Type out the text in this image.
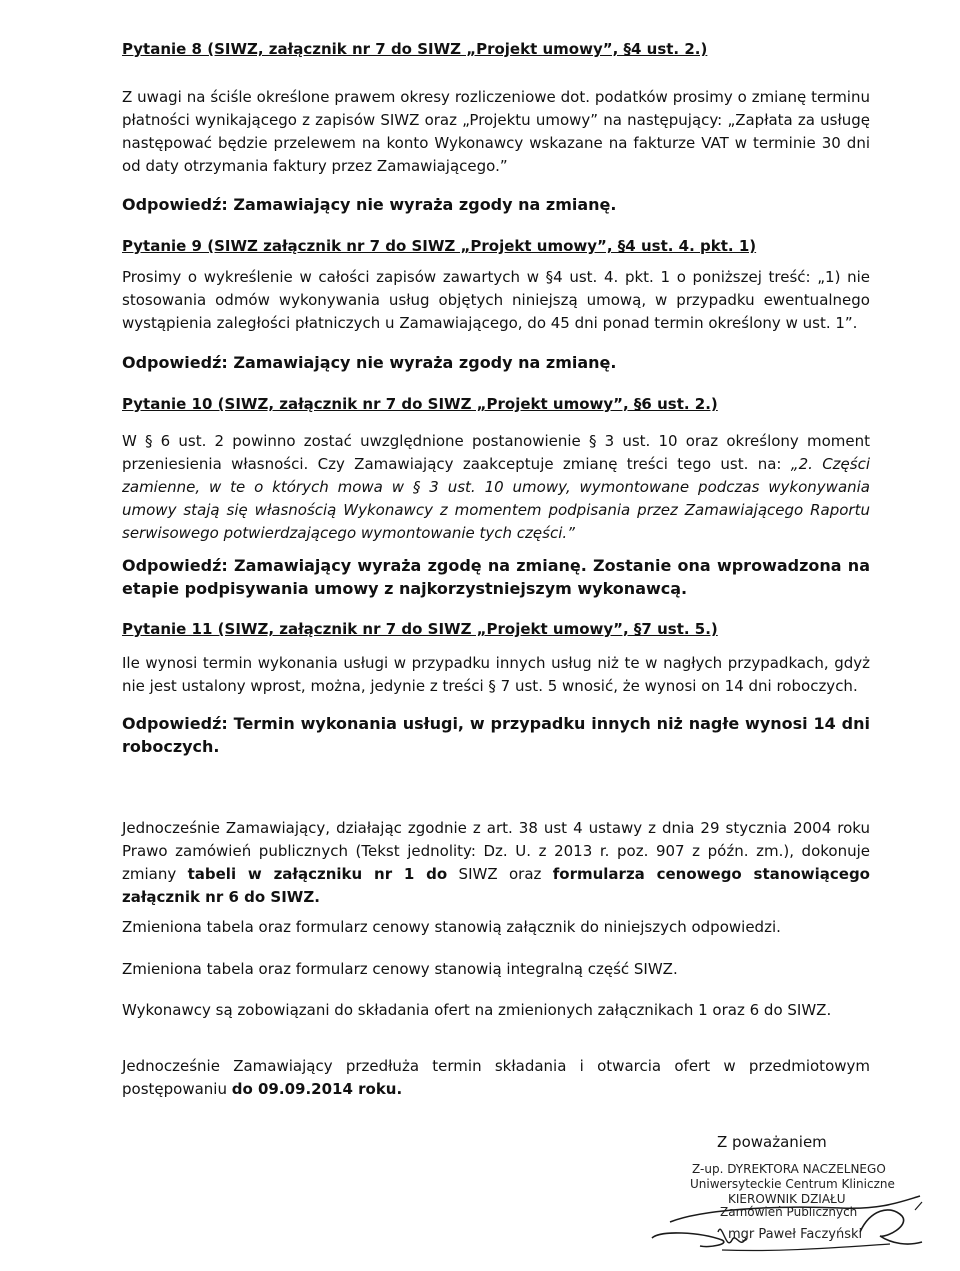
Pytanie 8 (SIWZ, załącznik nr 7 do SIWZ „Projekt umowy”, §4 ust. 2.)
Z uwagi na ściśle określone prawem okresy rozliczeniowe dot. podatków prosimy o zmianę terminu płatności wynikającego z zapisów SIWZ oraz „Projektu umowy” na następujący: „Zapłata za usługę następować będzie przelewem na konto Wykonawcy wskazane na fakturze VAT w terminie 30 dni od daty otrzymania faktury przez Zamawiającego.”
Odpowiedź: Zamawiający nie wyraża zgody na zmianę.
Pytanie 9 (SIWZ załącznik nr 7 do SIWZ „Projekt umowy”, §4 ust. 4. pkt. 1)
Prosimy o wykreślenie w całości zapisów zawartych w §4 ust. 4. pkt. 1 o poniższej treść: „1) nie stosowania odmów wykonywania usług objętych niniejszą umową, w przypadku ewentualnego wystąpienia zaległości płatniczych u Zamawiającego, do 45 dni ponad termin określony w ust. 1”.
Odpowiedź: Zamawiający nie wyraża zgody na zmianę.
Pytanie 10 (SIWZ, załącznik nr 7 do SIWZ „Projekt umowy”, §6 ust. 2.)
W § 6 ust. 2 powinno zostać uwzględnione postanowienie § 3 ust. 10 oraz określony moment przeniesienia własności. Czy Zamawiający zaakceptuje zmianę treści tego ust. na: „2. Części zamienne, w te o których mowa w § 3 ust. 10 umowy, wymontowane podczas wykonywania umowy stają się własnością Wykonawcy z momentem podpisania przez Zamawiającego Raportu serwisowego potwierdzającego wymontowanie tych części.”
Odpowiedź: Zamawiający wyraża zgodę na zmianę. Zostanie ona wprowadzona na etapie podpisywania umowy z najkorzystniejszym wykonawcą.
Pytanie 11 (SIWZ, załącznik nr 7 do SIWZ „Projekt umowy”, §7 ust. 5.)
Ile wynosi termin wykonania usługi w przypadku innych usług niż te w nagłych przypadkach, gdyż nie jest ustalony wprost, można, jedynie z treści § 7 ust. 5 wnosić, że wynosi on 14 dni roboczych.
Odpowiedź: Termin wykonania usługi, w przypadku innych niż nagłe wynosi 14 dni roboczych.
Jednocześnie Zamawiający, działając zgodnie z art. 38 ust 4 ustawy z dnia 29 stycznia 2004 roku Prawo zamówień publicznych (Tekst jednolity: Dz. U. z 2013 r. poz. 907 z późn. zm.), dokonuje zmiany tabeli w załączniku nr 1 do SIWZ oraz formularza cenowego stanowiącego załącznik nr 6 do SIWZ.
Zmieniona tabela oraz formularz cenowy stanowią załącznik do niniejszych odpowiedzi.
Zmieniona tabela oraz formularz cenowy stanowią integralną część SIWZ.
Wykonawcy są zobowiązani do składania ofert na zmienionych załącznikach 1 oraz 6 do SIWZ.
Jednocześnie Zamawiający przedłuża termin składania i otwarcia ofert w przedmiotowym postępowaniu do 09.09.2014 roku.
Z poważaniem
Z-up. DYREKTORA NACZELNEGO
Uniwersyteckie Centrum Kliniczne
KIEROWNIK DZIAŁU
Zamówień Publicznych
mgr Paweł Faczyński
